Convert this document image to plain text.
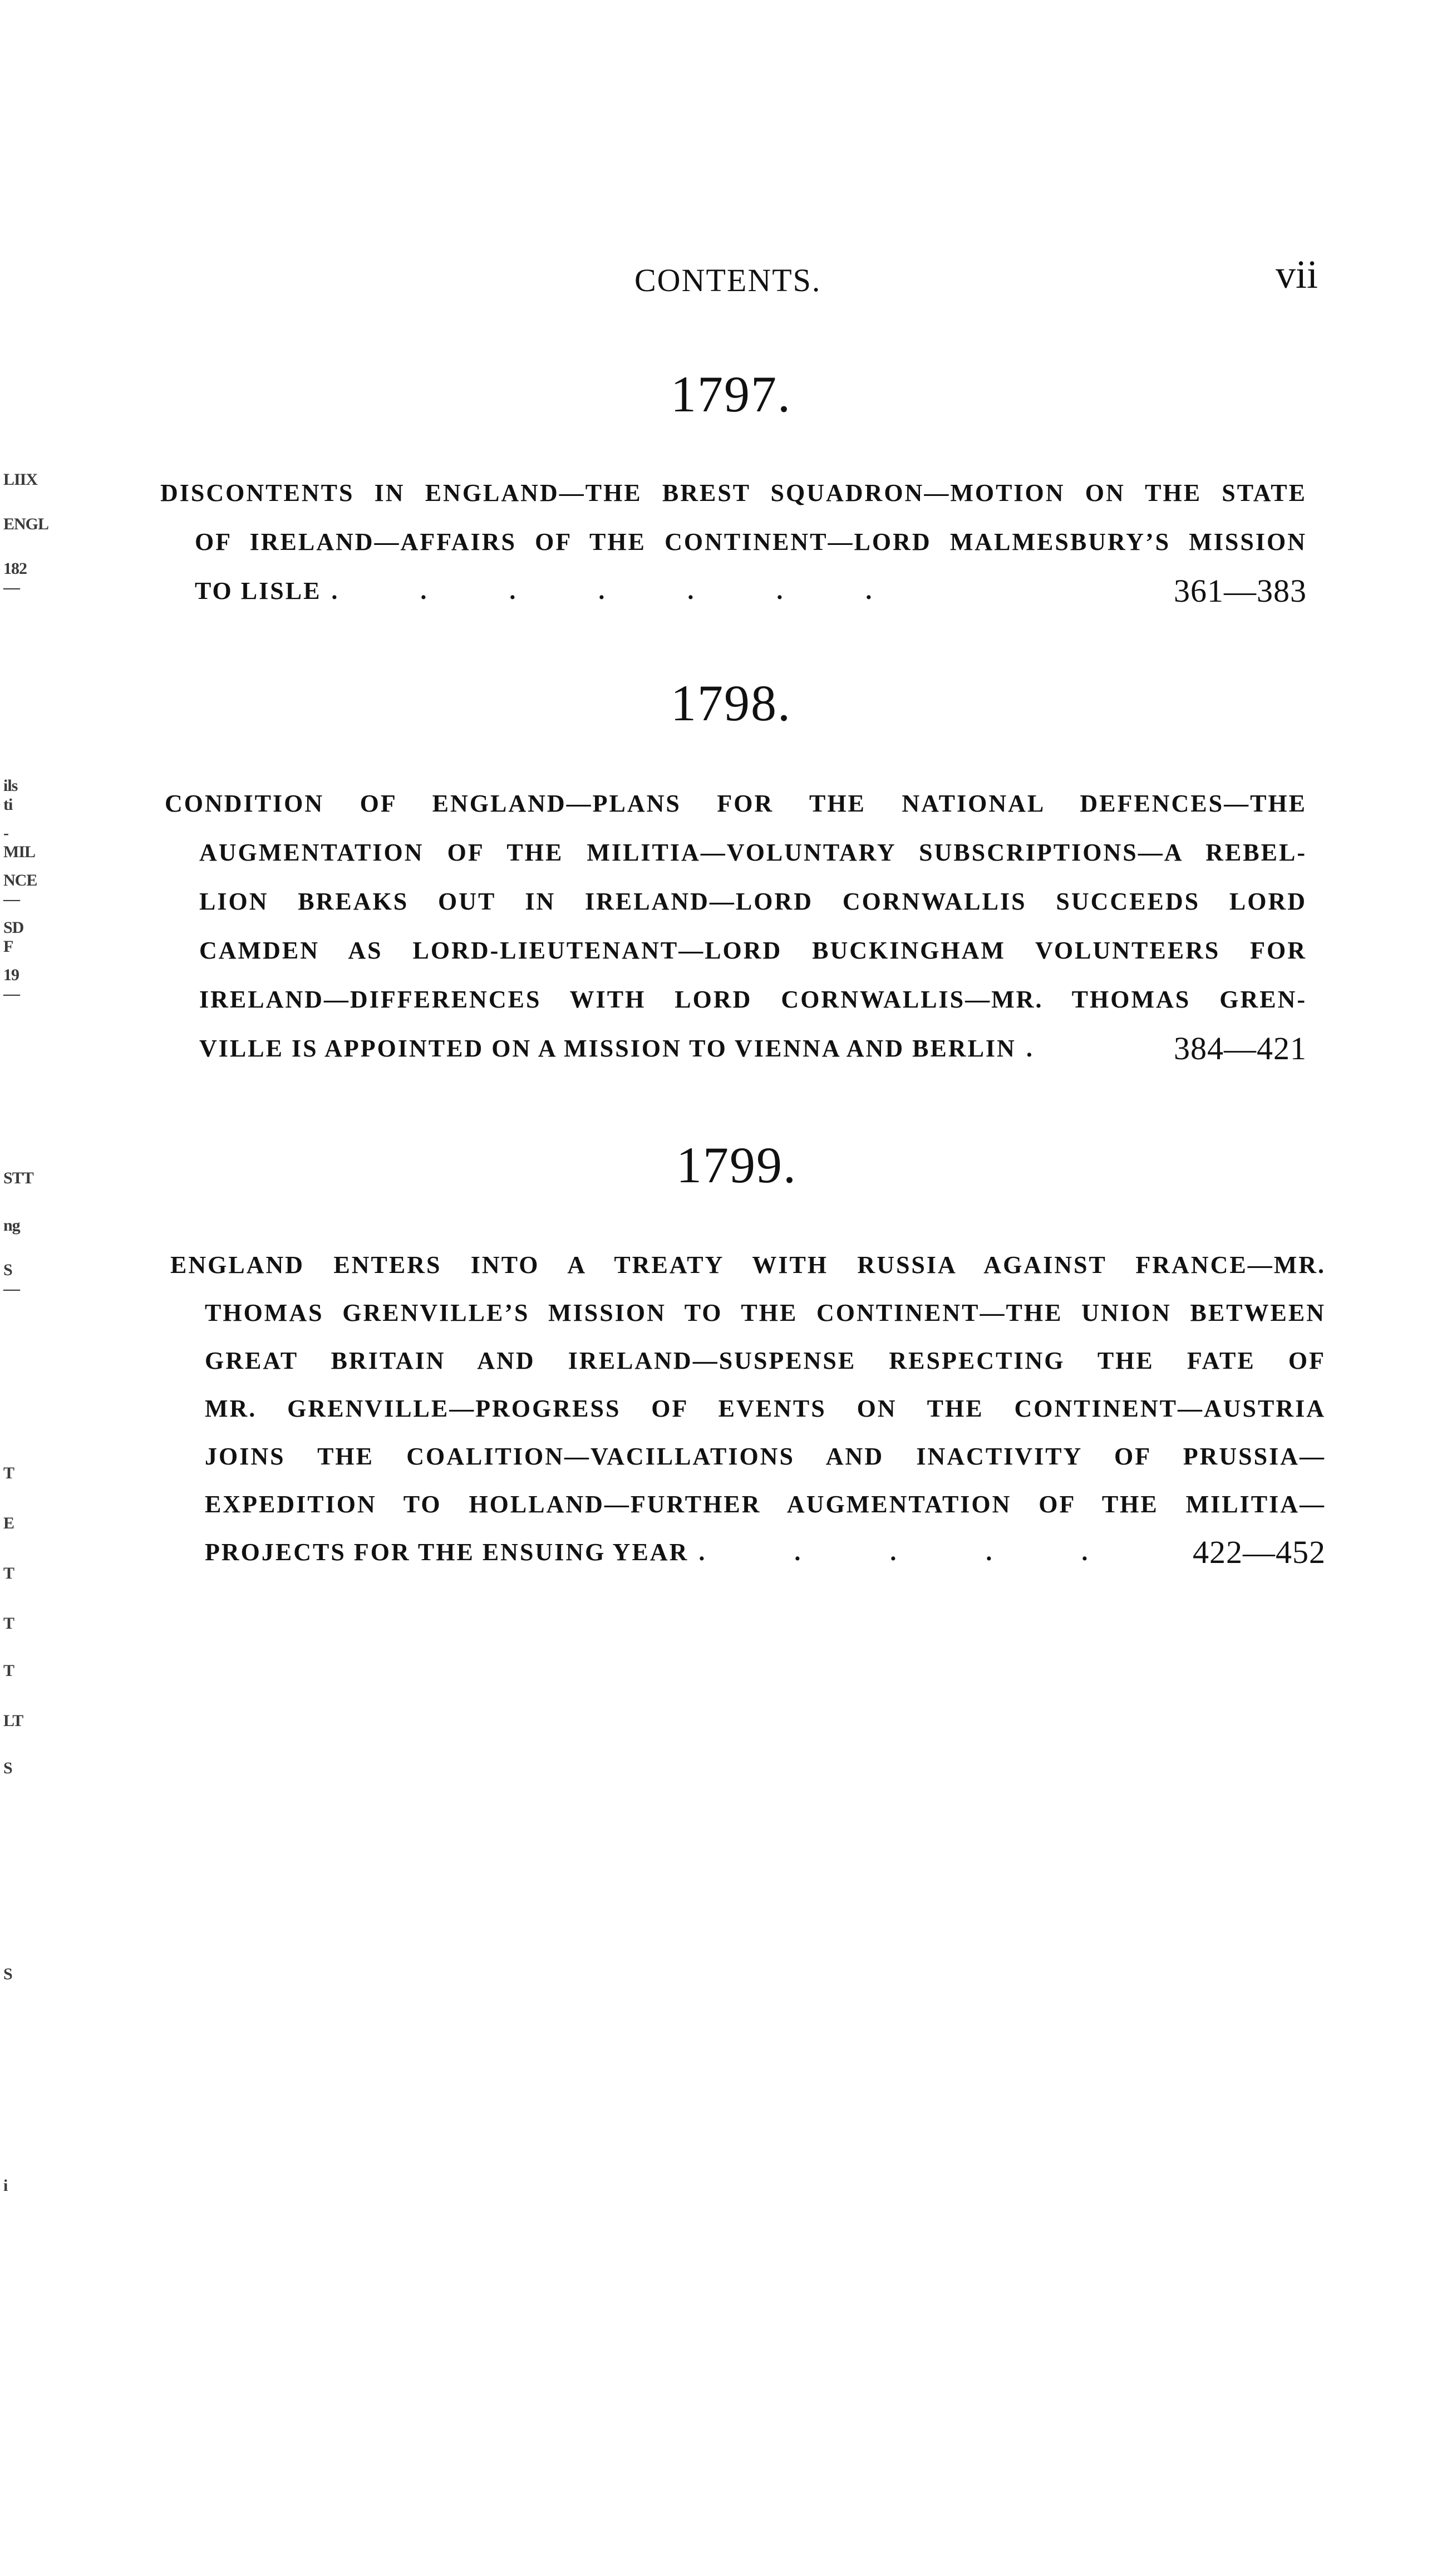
CONTENTS.	vii
1797.
DISCONTENTS IN ENGLAND—THE BREST SQUADRON—MOTION ON THE STATE
OF IRELAND—AFFAIRS OF THE CONTINENT—LORD MALMESBURY’S MISSION
TO LISLE . . . . . . .	361—383
1798.
CONDITION OF ENGLAND—PLANS FOR THE NATIONAL DEFENCES—THE
AUGMENTATION OF THE MILITIA—VOLUNTARY SUBSCRIPTIONS—A REBEL-
LION BREAKS OUT IN IRELAND—LORD CORNWALLIS SUCCEEDS LORD
CAMDEN AS LORD-LIEUTENANT—LORD BUCKINGHAM VOLUNTEERS FOR
IRELAND—DIFFERENCES WITH LORD CORNWALLIS—MR. THOMAS GREN-
VILLE IS APPOINTED ON A MISSION TO VIENNA AND BERLIN .	384—421
1799.
ENGLAND ENTERS INTO A TREATY WITH RUSSIA AGAINST FRANCE—MR.
THOMAS GRENVILLE’S MISSION TO THE CONTINENT—THE UNION BETWEEN
GREAT BRITAIN AND IRELAND—SUSPENSE RESPECTING THE FATE OF
MR. GRENVILLE—PROGRESS OF EVENTS ON THE CONTINENT—AUSTRIA
JOINS THE COALITION—VACILLATIONS AND INACTIVITY OF PRUSSIA—
EXPEDITION TO HOLLAND—FURTHER AUGMENTATION OF THE MILITIA—
PROJECTS FOR THE ENSUING YEAR . . . . .	422—452
LIIX
ENGL
182—
ils ti
-MIL
NCE—
SD F
19—
STT
ng
S—
T
E
T
T
T
LT
S
S
i
